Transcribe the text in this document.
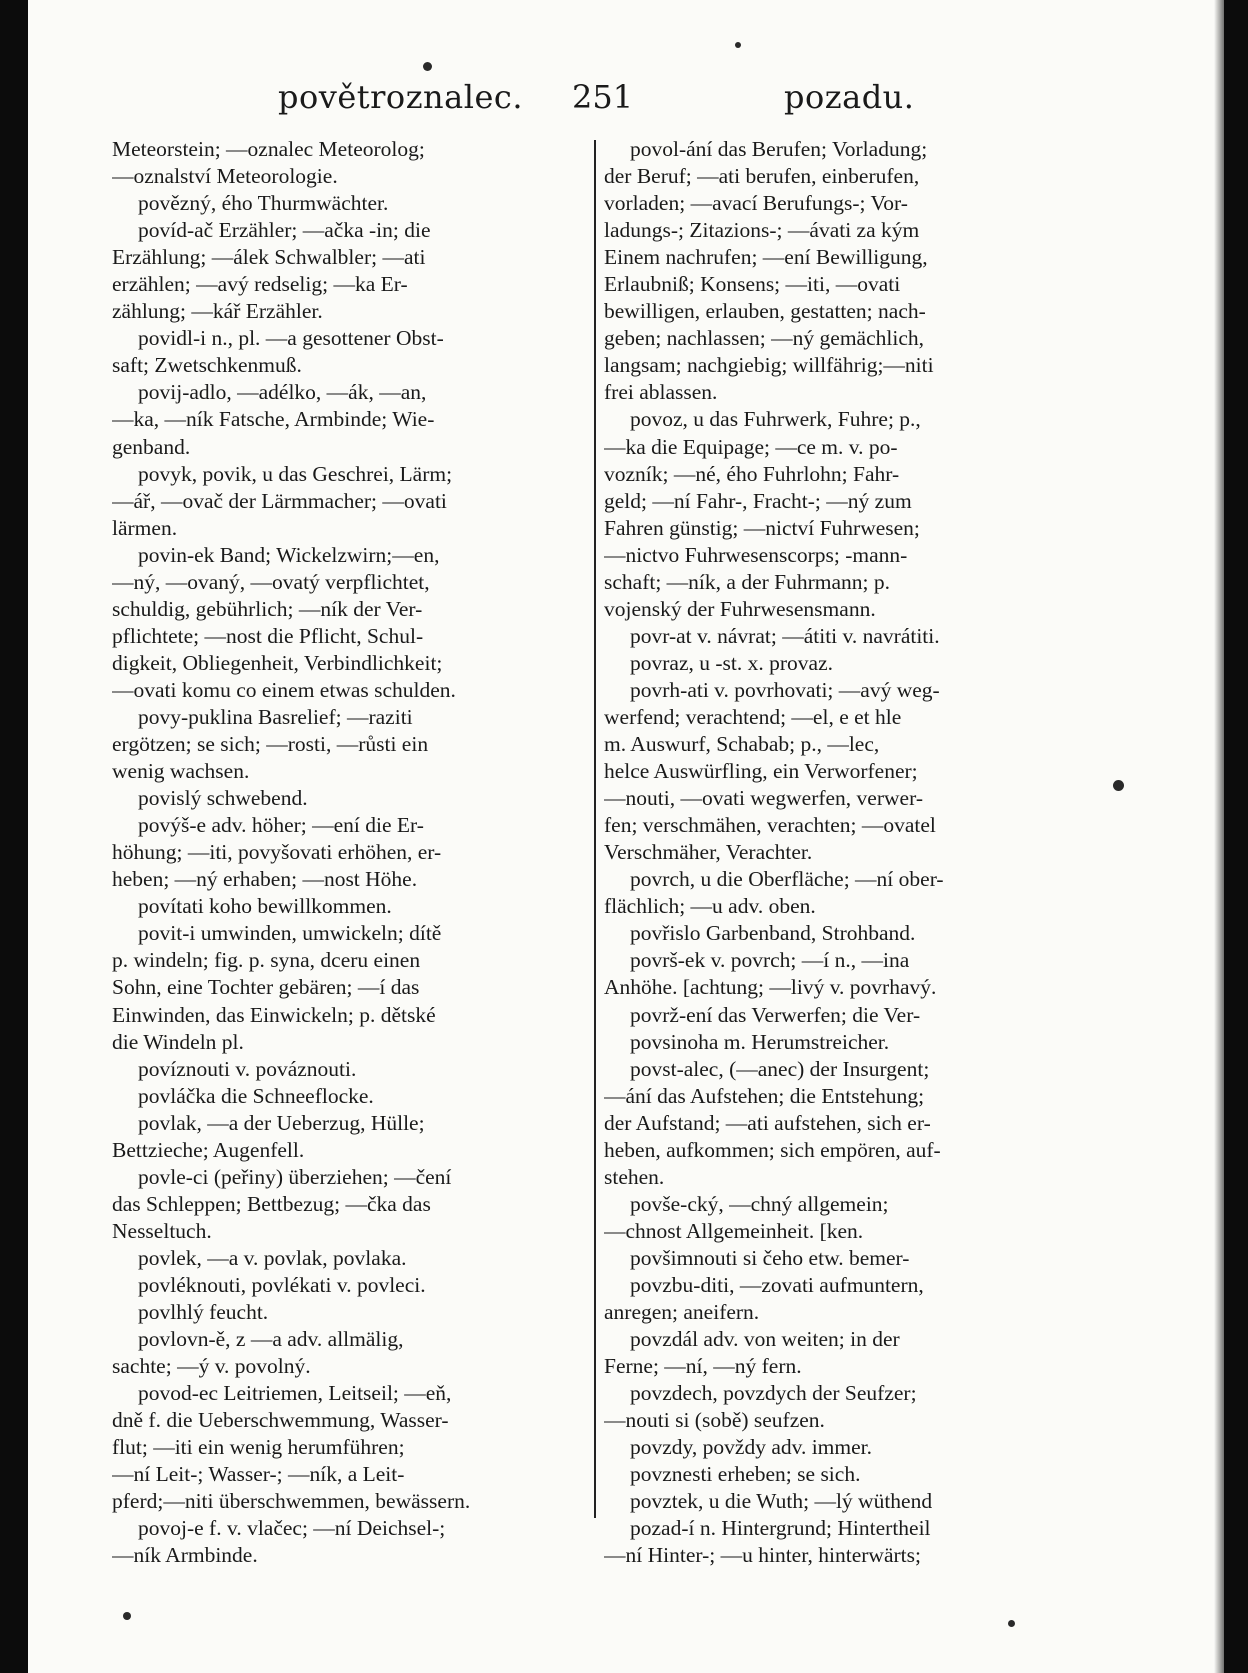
povětroznalec. 251	pozadu.
Meteorstein; —oznalec Meteorolog;
—oznalství Meteorologie.
povězný, ého Thurmwächter.
povíd-ač Erzähler; —ačka -in; die
Erzählung; —álek Schwalbler; —ati
erzählen; —avý redselig; —ka Er-
zählung; —kář Erzähler.
povidl-i n., pl. —a gesottener Obst-
saft; Zwetschkenmuß.
povij-adlo, —adélko, —ák, —an,
—ka, —ník Fatsche, Armbinde; Wie-
genband.
povyk, povik, u das Geschrei, Lärm;
—ář, —ovač der Lärmmacher; —ovati
lärmen.
povin-ek Band; Wickelzwirn;—en,
—ný, —ovaný, —ovatý verpflichtet,
schuldig, gebührlich; —ník der Ver-
pflichtete; —nost die Pflicht, Schul-
digkeit, Obliegenheit, Verbindlichkeit;
—ovati komu co einem etwas schulden.
povy-puklina Basrelief; —raziti
ergötzen; se sich; —rosti, —růsti ein
wenig wachsen.
povislý schwebend.
povýš-e adv. höher; —ení die Er-
höhung; —iti, povyšovati erhöhen, er-
heben; —ný erhaben; —nost Höhe.
povítati koho bewillkommen.
povit-i umwinden, umwickeln; dítě
p. windeln; fig. p. syna, dceru einen
Sohn, eine Tochter gebären; —í das
Einwinden, das Einwickeln; p. dětské
die Windeln pl.
povíznouti v. pováznouti.
povláčka die Schneeflocke.
povlak, —a der Ueberzug, Hülle;
Bettzieche; Augenfell.
povle-ci (peřiny) überziehen; —čení
das Schleppen; Bettbezug; —čka das
Nesseltuch.
povlek, —a v. povlak, povlaka.
povléknouti, povlékati v. povleci.
povlhlý feucht.
povlovn-ě, z —a adv. allmälig,
sachte; —ý v. povolný.
povod-ec Leitriemen, Leitseil; —eň,
dně f. die Ueberschwemmung, Wasser-
flut; —iti ein wenig herumführen;
—ní Leit-; Wasser-; —ník, a Leit-
pferd;—niti überschwemmen, bewässern.
povoj-e f. v. vlačec; —ní Deichsel-;
—ník Armbinde.
povol-ání das Berufen; Vorladung;
der Beruf; —ati berufen, einberufen,
vorladen; —avací Berufungs-; Vor-
ladungs-; Zitazions-; —ávati za kým
Einem nachrufen; —ení Bewilligung,
Erlaubniß; Konsens; —iti, —ovati
bewilligen, erlauben, gestatten; nach-
geben; nachlassen; —ný gemächlich,
langsam; nachgiebig; willfährig;—niti
frei ablassen.
povoz, u das Fuhrwerk, Fuhre; p.,
—ka die Equipage; —ce m. v. po-
vozník; —né, ého Fuhrlohn; Fahr-
geld; —ní Fahr-, Fracht-; —ný zum
Fahren günstig; —nictví Fuhrwesen;
—nictvo Fuhrwesenscorps; -mann-
schaft; —ník, a der Fuhrmann; p.
vojenský der Fuhrwesensmann.
povr-at v. návrat; —átiti v. navrátiti.
povraz, u -st. x. provaz.
povrh-ati v. povrhovati; —avý weg-
werfend; verachtend; —el, e et hle
m. Auswurf, Schabab; p., —lec,
helce Auswürfling, ein Verworfener;
—nouti, —ovati wegwerfen, verwer-
fen; verschmähen, verachten; —ovatel
Verschmäher, Verachter.
povrch, u die Oberfläche; —ní ober-
flächlich; —u adv. oben.
povřislo Garbenband, Strohband.
površ-ek v. povrch; —í n., —ina
Anhöhe. [achtung; —livý v. povrhavý.
povrž-ení das Verwerfen; die Ver-
povsinoha m. Herumstreicher.
povst-alec, (—anec) der Insurgent;
—ání das Aufstehen; die Entstehung;
der Aufstand; —ati aufstehen, sich er-
heben, aufkommen; sich empören, auf-
stehen.
povše-cký, —chný allgemein;
—chnost Allgemeinheit. [ken.
povšimnouti si čeho etw. bemer-
povzbu-diti, —zovati aufmuntern,
anregen; aneifern.
povzdál adv. von weiten; in der
Ferne; —ní, —ný fern.
povzdech, povzdych der Seufzer;
—nouti si (sobě) seufzen.
povzdy, povždy adv. immer.
povznesti erheben; se sich.
povztek, u die Wuth; —lý wüthend
pozad-í n. Hintergrund; Hintertheil
—ní Hinter-; —u hinter, hinterwärts;
